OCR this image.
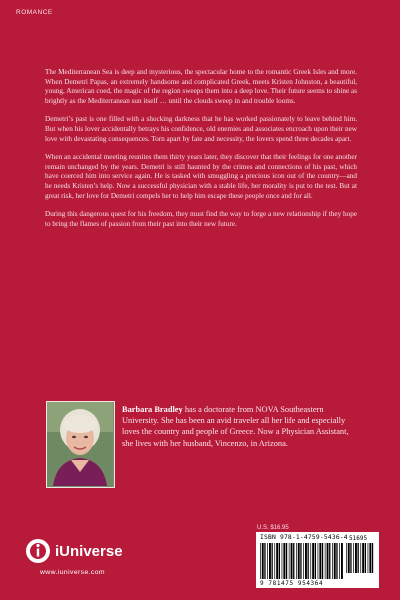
ROMANCE

The Mediterranean Sea is deep and mysterious, the spectacular home to the romantic Greek Isles and more. When Demetri Papas, an extremely handsome and complicated Greek, meets Kristen Johnston, a beautiful, young, American coed, the magic of the region sweeps them into a deep love. Their future seems to shine as brightly as the Mediterranean sun itself … until the clouds sweep in and trouble looms.

Demetri’s past is one filled with a shocking darkness that he has worked passionately to leave behind him. But when his lover accidentally betrays his confidence, old enemies and associates encroach upon their new love with devastating consequences. Torn apart by fate and necessity, the lovers spend three decades apart.

When an accidental meeting reunites them thirty years later, they discover that their feelings for one another remain unchanged by the years. Demetri is still haunted by the crimes and connections of his past, which have coerced him into service again. He is tasked with smuggling a precious icon out of the country—and he needs Kristen’s help. Now a successful physician with a stable life, her morality is put to the test. But at great risk, her love for Demetri compels her to help him escape these people once and for all.

During this dangerous quest for his freedom, they must find the way to forge a new relationship if they hope to bring the flames of passion from their past into their new future.

Barbara Bradley has a doctorate from NOVA Southeastern University. She has been an avid traveler all her life and especially loves the country and people of Greece. Now a Physician Assistant, she lives with her husband, Vincenzo, in Arizona.
iUniverse
www.iuniverse.com
U.S. $16.95
ISBN 978-1-4759-5436-4 51695
9 781475 954364
